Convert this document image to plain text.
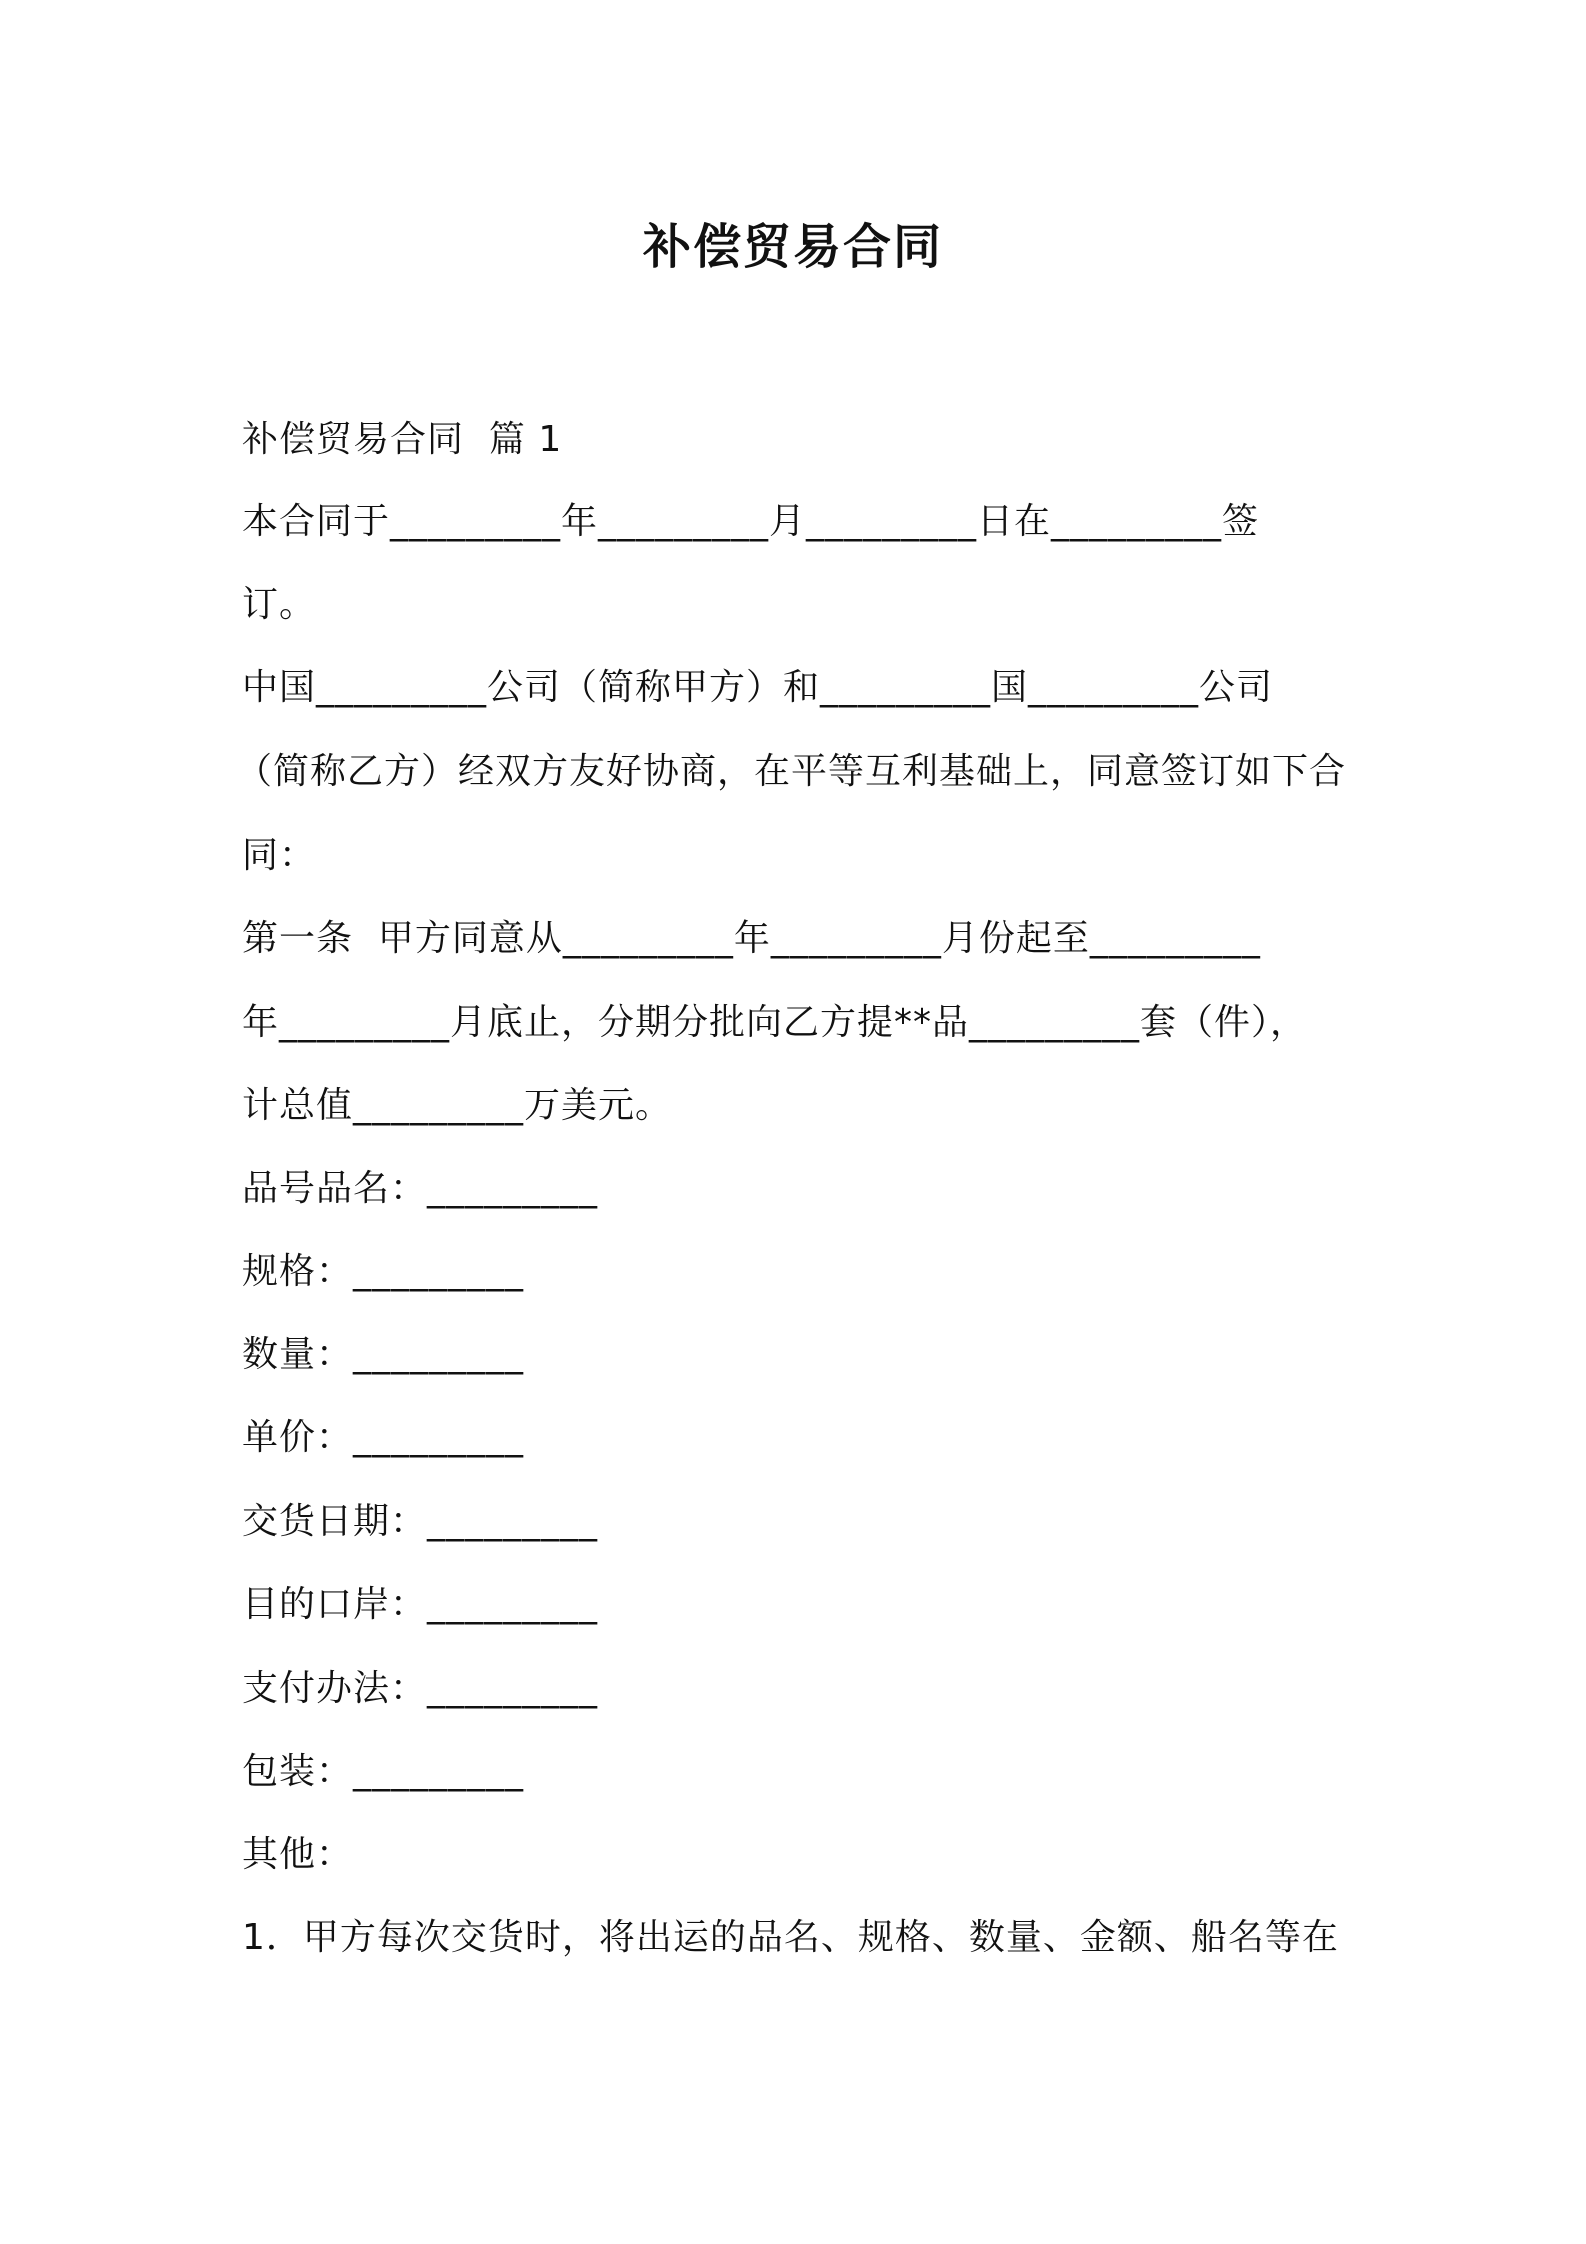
补偿贸易合同
补偿贸易合同  篇 1
本合同于_________年_________月_________日在_________签
订。
中国_________公司（简称甲方）和_________国_________公司
（简称乙方）经双方友好协商，在平等互利基础上，同意签订如下合
同：
第一条  甲方同意从_________年_________月份起至_________
年_________月底止，分期分批向乙方提**品_________套（件），
计总值_________万美元。
品号品名：_________
规格：_________
数量：_________
单价：_________
交货日期：_________
目的口岸：_________
支付办法：_________
包装：_________
其他：
1．甲方每次交货时，将出运的品名、规格、数量、金额、船名等在
